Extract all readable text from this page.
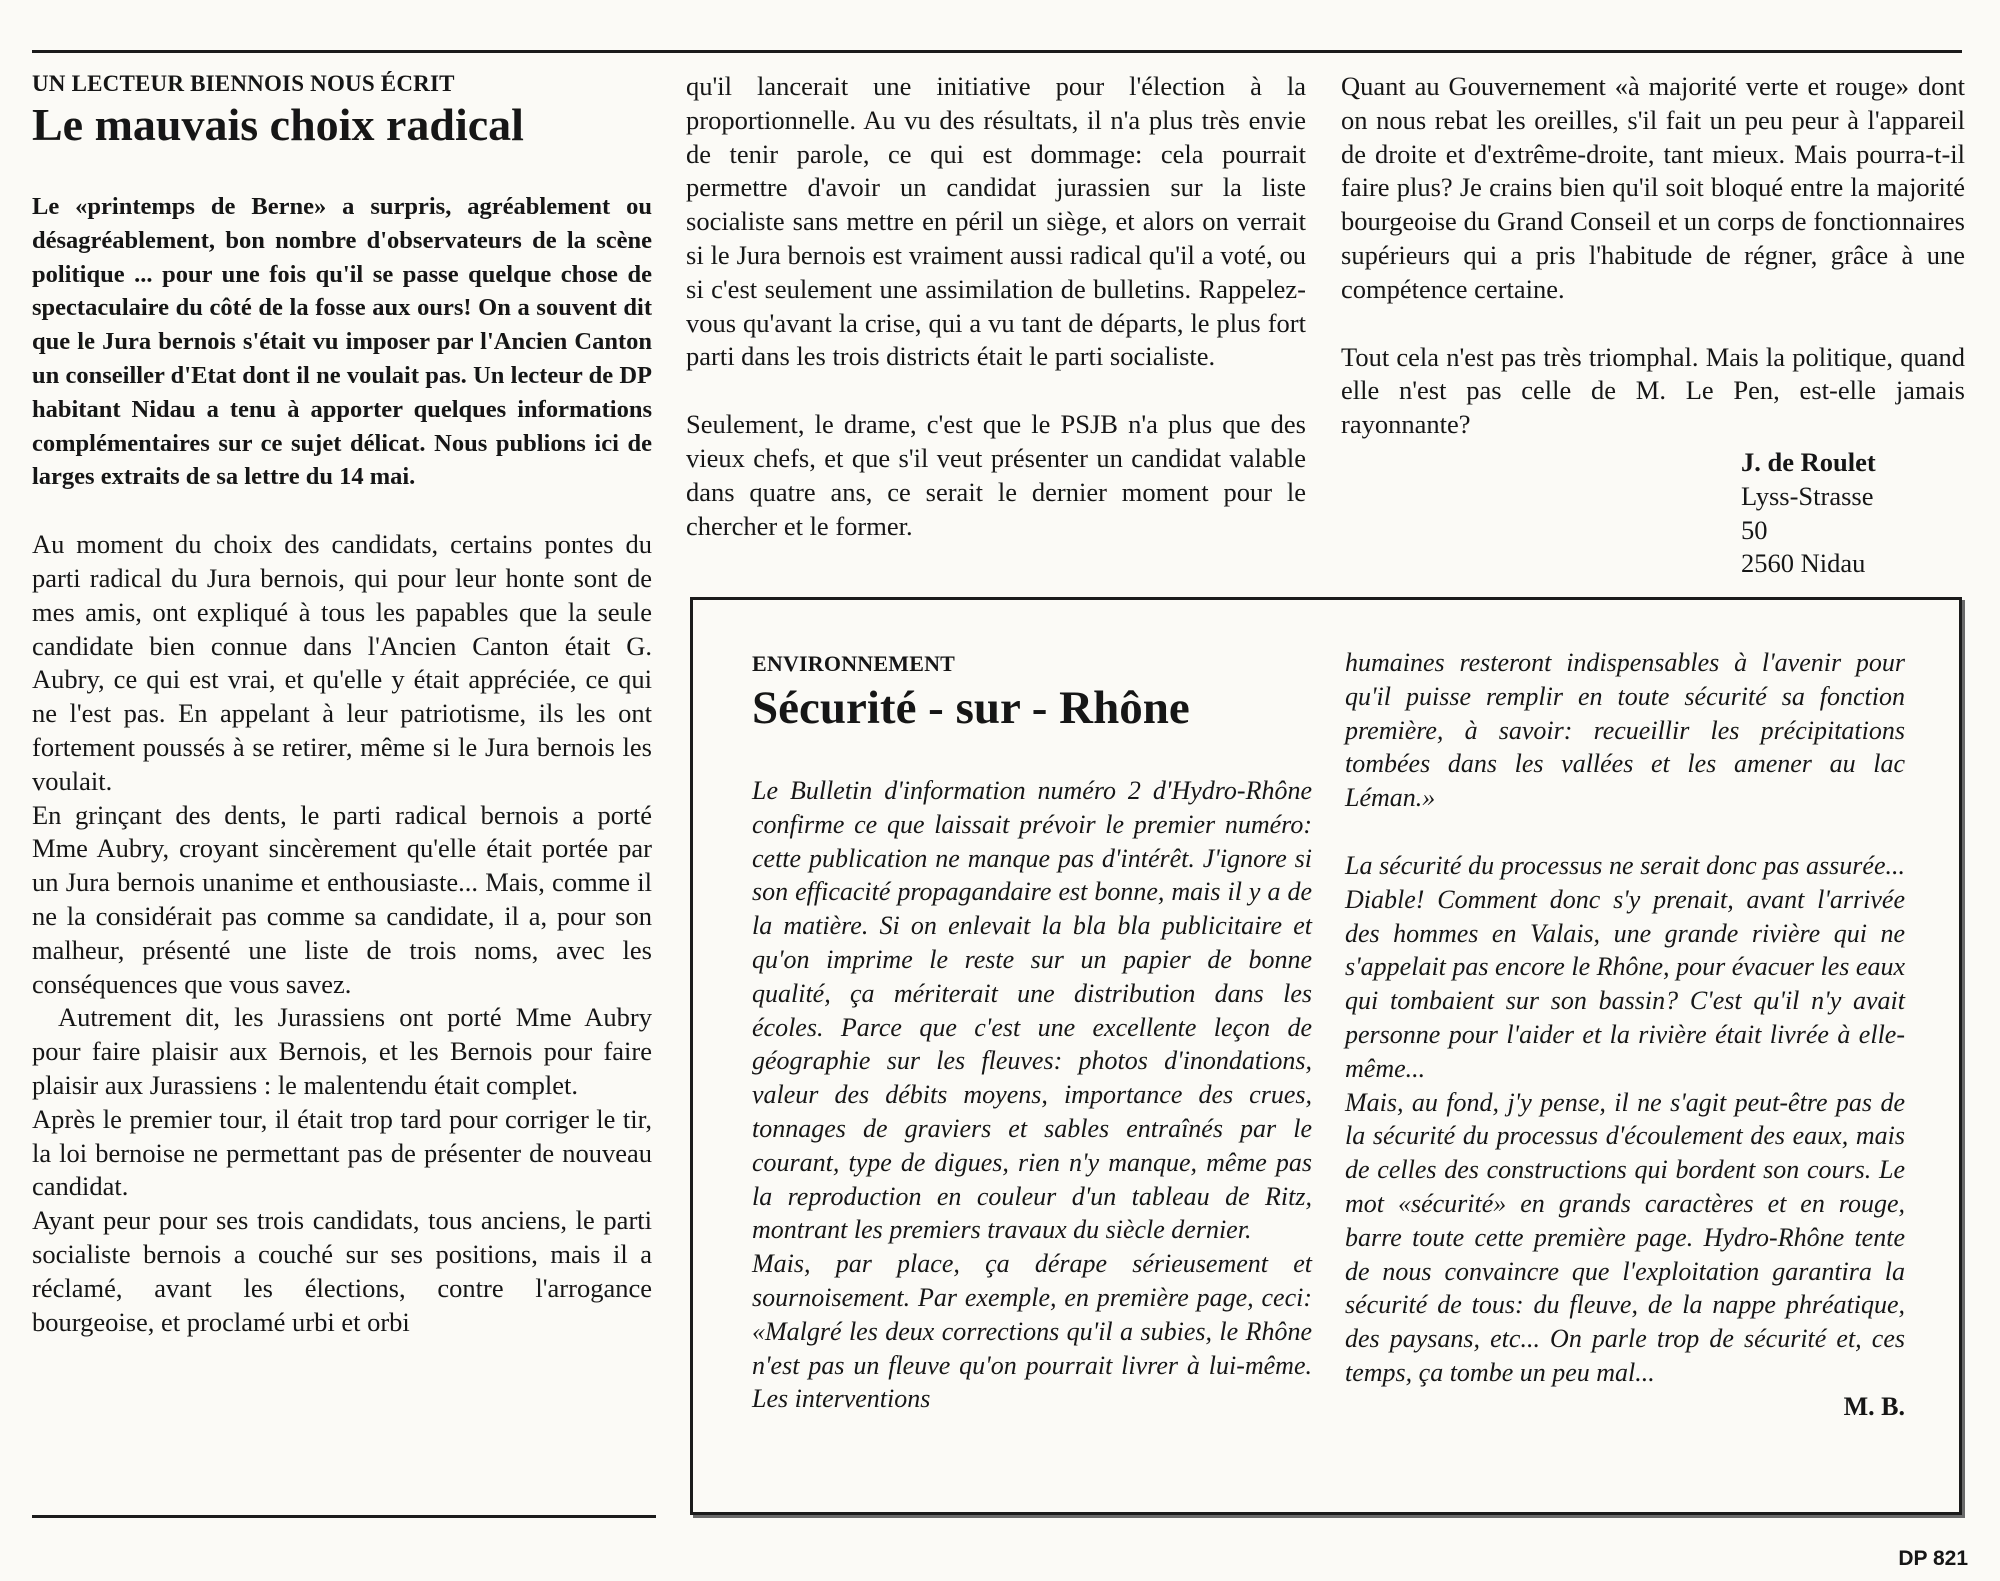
UN LECTEUR BIENNOIS NOUS ÉCRIT

Le mauvais choix radical

Le «printemps de Berne» a surpris, agréablement ou désagréablement, bon nombre d'observateurs de la scène politique ... pour une fois qu'il se passe quelque chose de spectaculaire du côté de la fosse aux ours! On a souvent dit que le Jura bernois s'était vu imposer par l'Ancien Canton un conseiller d'Etat dont il ne voulait pas. Un lecteur de DP habitant Nidau a tenu à apporter quelques informations complémentaires sur ce sujet délicat. Nous publions ici de larges extraits de sa lettre du 14 mai.

Au moment du choix des candidats, certains pontes du parti radical du Jura bernois, qui pour leur honte sont de mes amis, ont expliqué à tous les papables que la seule candidate bien connue dans l'Ancien Canton était G. Aubry, ce qui est vrai, et qu'elle y était appréciée, ce qui ne l'est pas. En appelant à leur patriotisme, ils les ont fortement poussés à se retirer, même si le Jura bernois les voulait.

En grinçant des dents, le parti radical bernois a porté Mme Aubry, croyant sincèrement qu'elle était portée par un Jura bernois unanime et enthousiaste... Mais, comme il ne la considérait pas comme sa candidate, il a, pour son malheur, présenté une liste de trois noms, avec les conséquences que vous savez.

Autrement dit, les Jurassiens ont porté Mme Aubry pour faire plaisir aux Bernois, et les Bernois pour faire plaisir aux Jurassiens : le malentendu était complet.

Après le premier tour, il était trop tard pour corriger le tir, la loi bernoise ne permettant pas de présenter de nouveau candidat.

Ayant peur pour ses trois candidats, tous anciens, le parti socialiste bernois a couché sur ses positions, mais il a réclamé, avant les élections, contre l'arrogance bourgeoise, et proclamé urbi et orbi

qu'il lancerait une initiative pour l'élection à la proportionnelle. Au vu des résultats, il n'a plus très envie de tenir parole, ce qui est dommage: cela pourrait permettre d'avoir un candidat jurassien sur la liste socialiste sans mettre en péril un siège, et alors on verrait si le Jura bernois est vraiment aussi radical qu'il a voté, ou si c'est seulement une assimilation de bulletins. Rappelez-vous qu'avant la crise, qui a vu tant de départs, le plus fort parti dans les trois districts était le parti socialiste.

Seulement, le drame, c'est que le PSJB n'a plus que des vieux chefs, et que s'il veut présenter un candidat valable dans quatre ans, ce serait le dernier moment pour le chercher et le former.

Quant au Gouvernement «à majorité verte et rouge» dont on nous rebat les oreilles, s'il fait un peu peur à l'appareil de droite et d'extrême-droite, tant mieux. Mais pourra-t-il faire plus? Je crains bien qu'il soit bloqué entre la majorité bourgeoise du Grand Conseil et un corps de fonctionnaires supérieurs qui a pris l'habitude de régner, grâce à une compétence certaine.

Tout cela n'est pas très triomphal. Mais la politique, quand elle n'est pas celle de M. Le Pen, est-elle jamais rayonnante?

J. de Roulet
Lyss-Strasse 50
2560 Nidau

ENVIRONNEMENT

Sécurité - sur - Rhône

Le Bulletin d'information numéro 2 d'Hydro-Rhône confirme ce que laissait prévoir le premier numéro: cette publication ne manque pas d'intérêt. J'ignore si son efficacité propagandaire est bonne, mais il y a de la matière. Si on enlevait la bla bla publicitaire et qu'on imprime le reste sur un papier de bonne qualité, ça mériterait une distribution dans les écoles. Parce que c'est une excellente leçon de géographie sur les fleuves: photos d'inondations, valeur des débits moyens, importance des crues, tonnages de graviers et sables entraînés par le courant, type de digues, rien n'y manque, même pas la reproduction en couleur d'un tableau de Ritz, montrant les premiers travaux du siècle dernier.

Mais, par place, ça dérape sérieusement et sournoisement. Par exemple, en première page, ceci: «Malgré les deux corrections qu'il a subies, le Rhône n'est pas un fleuve qu'on pourrait livrer à lui-même. Les interventions

humaines resteront indispensables à l'avenir pour qu'il puisse remplir en toute sécurité sa fonction première, à savoir: recueillir les précipitations tombées dans les vallées et les amener au lac Léman.»

La sécurité du processus ne serait donc pas assurée... Diable! Comment donc s'y prenait, avant l'arrivée des hommes en Valais, une grande rivière qui ne s'appelait pas encore le Rhône, pour évacuer les eaux qui tombaient sur son bassin? C'est qu'il n'y avait personne pour l'aider et la rivière était livrée à elle-même...

Mais, au fond, j'y pense, il ne s'agit peut-être pas de la sécurité du processus d'écoulement des eaux, mais de celles des constructions qui bordent son cours. Le mot «sécurité» en grands caractères et en rouge, barre toute cette première page. Hydro-Rhône tente de nous convaincre que l'exploitation garantira la sécurité de tous: du fleuve, de la nappe phréatique, des paysans, etc... On parle trop de sécurité et, ces temps, ça tombe un peu mal...

M. B.

DP 821
